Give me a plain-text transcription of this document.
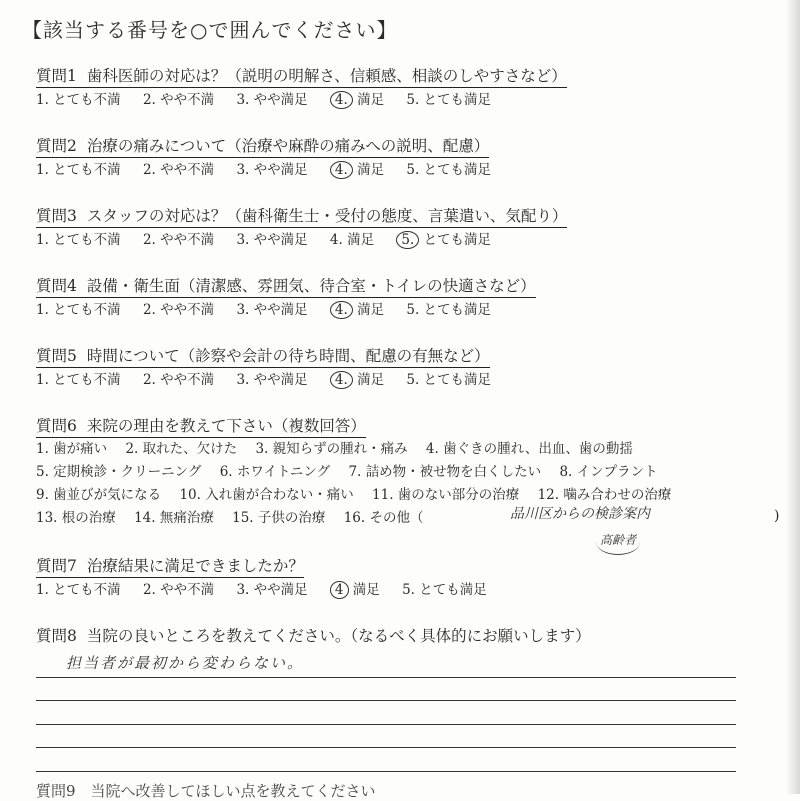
【該当する番号を○で囲んでください】
質問1 歯科医師の対応は？（説明の明解さ、信頼感、相談のしやすさなど）
1. とても不満 2. やや不満 3. やや満足 4. 満足 5. とても満足
質問2 治療の痛みについて（治療や麻酔の痛みへの説明、配慮）
1. とても不満 2. やや不満 3. やや満足 4. 満足 5. とても満足
質問3 スタッフの対応は？（歯科衛生士・受付の態度、言葉遣い、気配り）
1. とても不満 2. やや不満 3. やや満足 4. 満足 5. とても満足
質問4 設備・衛生面（清潔感、雰囲気、待合室・トイレの快適さなど）
1. とても不満 2. やや不満 3. やや満足 4. 満足 5. とても満足
質問5 時間について（診察や会計の待ち時間、配慮の有無など）
1. とても不満 2. やや不満 3. やや満足 4. 満足 5. とても満足
質問6 来院の理由を教えて下さい（複数回答）
1. 歯が痛い 2. 取れた、欠けた 3. 親知らずの腫れ・痛み 4. 歯ぐきの腫れ、出血、歯の動揺
5. 定期検診・クリーニング 6. ホワイトニング 7. 詰め物・被せ物を白くしたい 8. インプラント
9. 歯並びが気になる 10. 入れ歯が合わない・痛い 11. 歯のない部分の治療 12. 噛み合わせの治療
13. 根の治療 14. 無痛治療 15. 子供の治療 16. その他（	品川区からの検診案内
高齢者
)
質問7 治療結果に満足できましたか？
1. とても不満 2. やや不満 3. やや満足 4 満足 5. とても満足
質問8 当院の良いところを教えてください。（なるべく具体的にお願いします）
担当者が最初から変わらない。
質問9　当院へ改善してほしい点を教えてください
